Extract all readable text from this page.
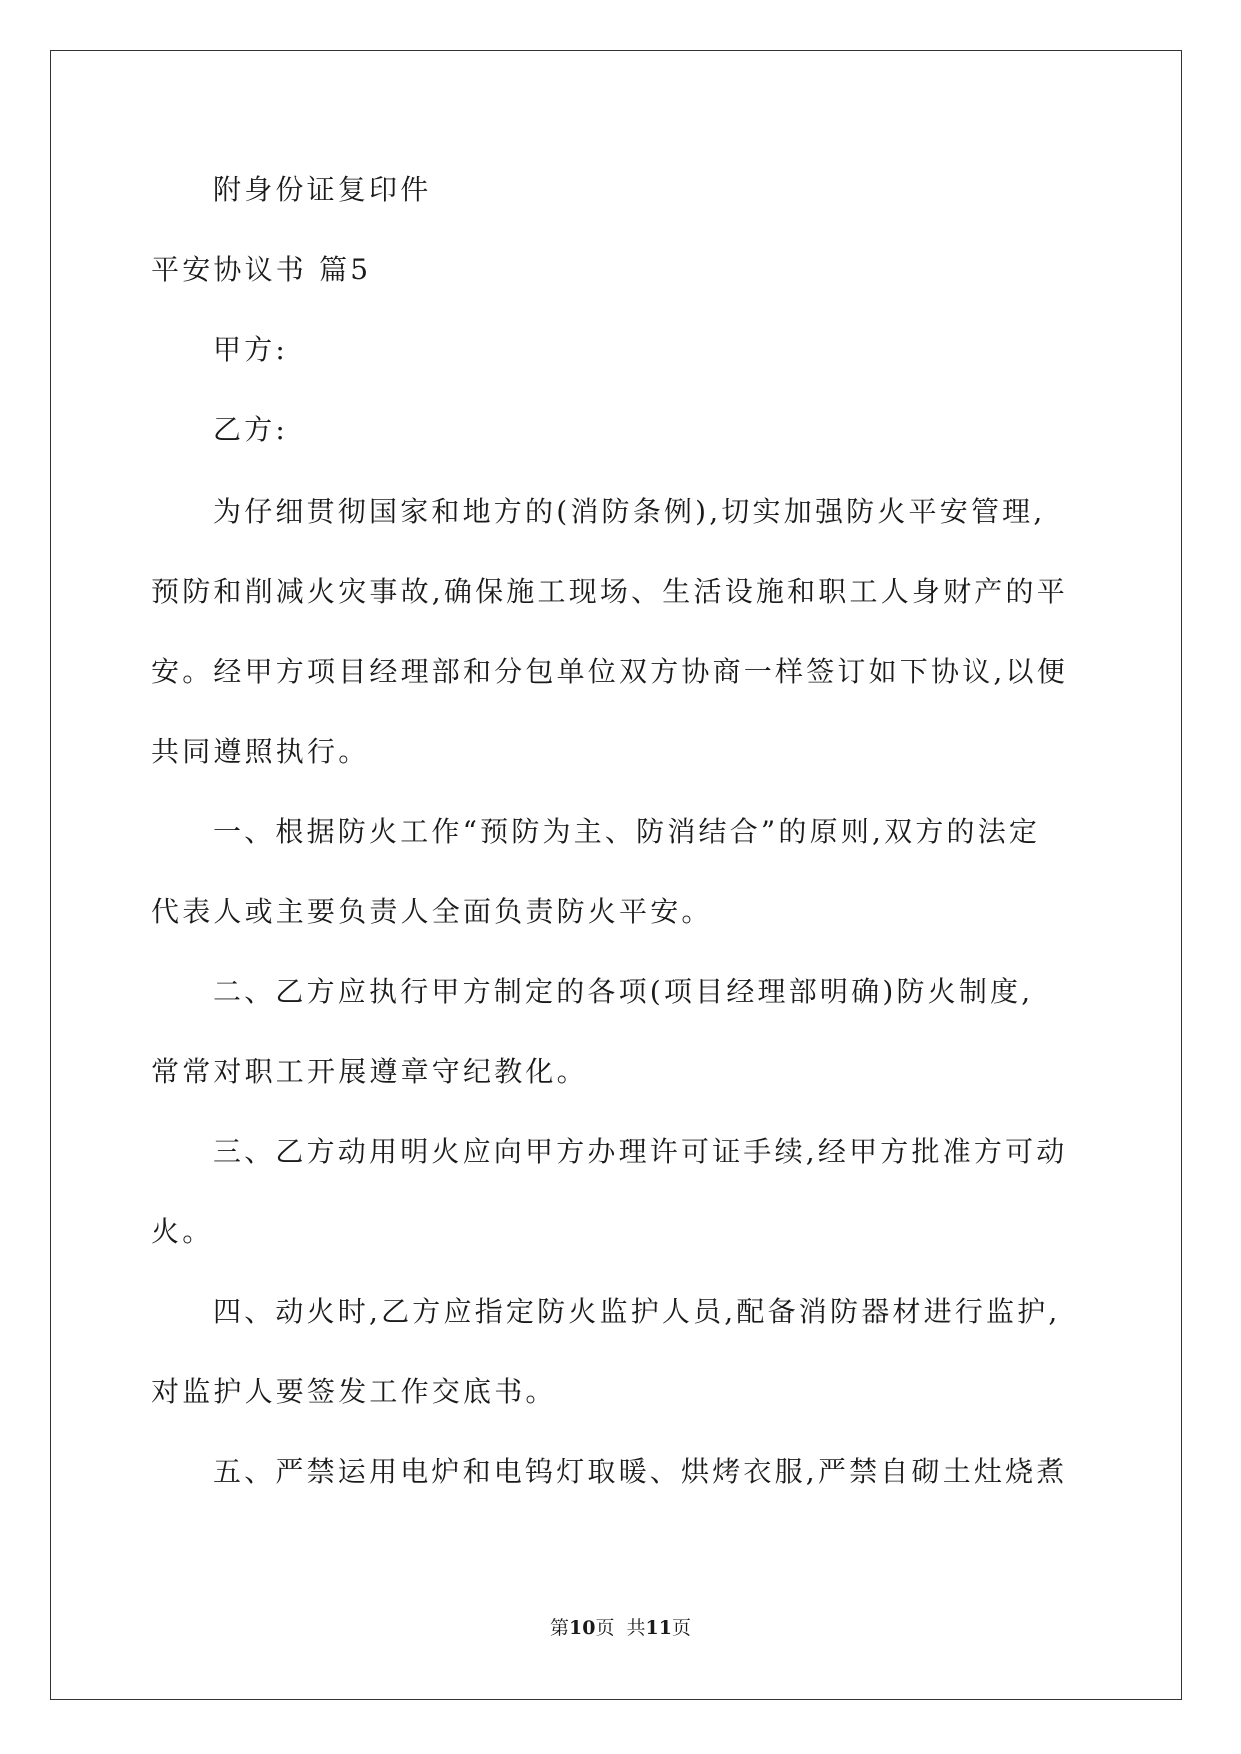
附身份证复印件
平安协议书 篇5
甲方:
乙方:
为仔细贯彻国家和地方的(消防条例),切实加强防火平安管理,
预防和削减火灾事故,确保施工现场、生活设施和职工人身财产的平
安。经甲方项目经理部和分包单位双方协商一样签订如下协议,以便
共同遵照执行。
一、根据防火工作“预防为主、防消结合”的原则,双方的法定
代表人或主要负责人全面负责防火平安。
二、乙方应执行甲方制定的各项(项目经理部明确)防火制度,
常常对职工开展遵章守纪教化。
三、乙方动用明火应向甲方办理许可证手续,经甲方批准方可动
火。
四、动火时,乙方应指定防火监护人员,配备消防器材进行监护,
对监护人要签发工作交底书。
五、严禁运用电炉和电钨灯取暖、烘烤衣服,严禁自砌土灶烧煮
第10页  共11页
